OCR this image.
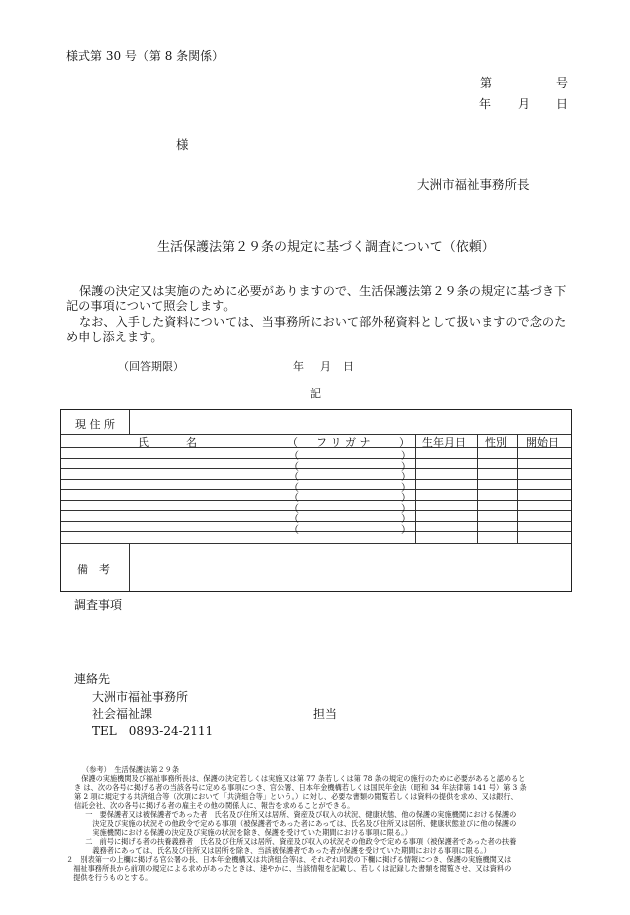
様式第 30 号（第 8 条関係）
第	号
年 月 日
様
大洲市福祉事務所長
生活保護法第２９条の規定に基づく調査について（依頼）
保護の決定又は実施のために必要がありますので、生活保護法第２９条の規定に基づき下記の事項について照会します。
なお、入手した資料については、当事務所において部外秘資料として扱いますので念のため申し添えます。
（回答期限）	年 月 日
記
現 住 所
氏	名	（ フ リ ガ ナ	） 生年月日 性別 開始日
（	）
（	）
（	）
（	）
（	）
（	）
（	）
（	）
備　考
調査事項
連絡先
大洲市福祉事務所
社会福祉課	担当
TEL　0893-24-2111
（参考）　生活保護法第２９条
　保護の実施機関及び福祉事務所長は、保護の決定若しくは実施又は第 77 条若しくは第 78 条の規定の施行のために必要があると認めると
き は、次の各号に掲げる者の当該各号に定める事項につき、官公署、日本年金機構若しくは国民年金法（昭和 34 年法律第 141 号）第 3 条
第 2 項に規定する共済組合等（次項において「共済組合等」という。）に対し、必要な書類の閲覧若しくは資料の提供を求め、又は銀行、
信託会社、次の各号に掲げる者の雇主その他の関係人に、報告を求めることができる。
　一　要保護者又は被保護者であった者　氏名及び住所又は居所、資産及び収入の状況、健康状態、他の保護の実施機関における保護の
　　決定及び実施の状況その他政令で定める事項（被保護者であった者にあっては、氏名及び住所又は居所、健康状態並びに他の保護の
　　実施機関における保護の決定及び実施の状況を除き、保護を受けていた期間における事項に限る。）
　二　前号に掲げる者の扶養義務者　氏名及び住所又は居所、資産及び収入の状況その他政令で定める事項（被保護者であった者の扶養
　　義務者にあっては、氏名及び住所又は居所を除き、当該被保護者であった者が保護を受けていた期間における事項に限る。）
２　別表第一の上欄に掲げる官公署の長、日本年金機構又は共済組合等は、それぞれ同表の下欄に掲げる情報につき、保護の実施機関又は
　福祉事務所長から前項の規定による求めがあったときは、速やかに、当該情報を記載し、若しくは記録した書類を閲覧させ、又は資料の
　提供を行うものとする。
